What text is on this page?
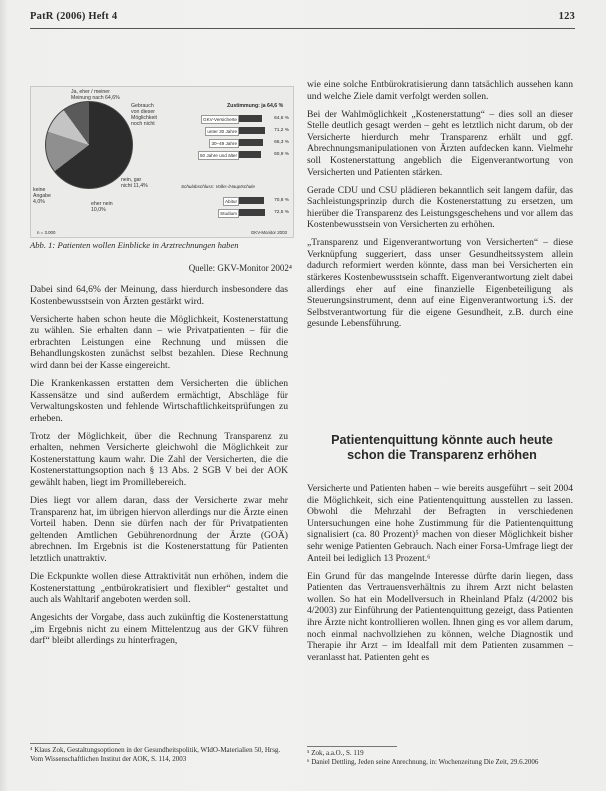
PatR (2006) Heft 4	123
Ja, eher / meiner Meinung nach 64,6%
Gebrauch von dieser Möglichkeit noch nicht
keine Angabe 4,0%	eher nein 10,0%
nein, gar nicht 11,4%
Zustimmung: ja 64,6 %
GKV-Versicherte	64,6 %
unter 30 Jahre	71,2 %
30–49 Jahre	66,3 %
50 Jahre und älter	60,9 %
Abitur	70,8 %
Studium	72,5 %
Schulabschluss: Volks-/Hauptschule
n = 3.000	GKV-Monitor 2003
Abb. 1: Patienten wollen Einblicke in Arztrechnungen haben
Quelle: GKV-Monitor 2002⁴

Dabei sind 64,6% der Meinung, dass hierdurch insbesondere das Kostenbewusstsein von Ärzten gestärkt wird.

Versicherte haben schon heute die Möglichkeit, Kostenerstattung zu wählen. Sie erhalten dann – wie Privatpatienten – für die erbrachten Leistungen eine Rechnung und müssen die Behandlungskosten zunächst selbst bezahlen. Diese Rechnung wird dann bei der Kasse eingereicht.

Die Krankenkassen erstatten dem Versicherten die üblichen Kassensätze und sind außerdem ermächtigt, Abschläge für Verwaltungskosten und fehlende Wirtschaftlichkeitsprüfungen zu erheben.

Trotz der Möglichkeit, über die Rechnung Transparenz zu erhalten, nehmen Versicherte gleichwohl die Möglichkeit zur Kostenerstattung kaum wahr. Die Zahl der Versicherten, die die Kostenerstattungsoption nach § 13 Abs. 2 SGB V bei der AOK gewählt haben, liegt im Promillebereich.

Dies liegt vor allem daran, dass der Versicherte zwar mehr Transparenz hat, im übrigen hiervon allerdings nur die Ärzte einen Vorteil haben. Denn sie dürfen nach der für Privatpatienten geltenden Amtlichen Gebührenordnung der Ärzte (GOÄ) abrechnen. Im Ergebnis ist die Kostenerstattung für Patienten letztlich unattraktiv.

Die Eckpunkte wollen diese Attraktivität nun erhöhen, indem die Kostenerstattung „entbürokratisiert und flexibler“ gestaltet und auch als Wahltarif angeboten werden soll.

Angesichts der Vorgabe, dass auch zukünftig die Kostenerstattung „im Ergebnis nicht zu einem Mittelentzug aus der GKV führen darf“ bleibt allerdings zu hinterfragen,

⁴ Klaus Zok, Gestaltungsoptionen in der Gesundheitspolitik, WIdO-Materialien 50, Hrsg. Vom Wissenschaftlichen Institut der AOK, S. 114, 2003

wie eine solche Entbürokratisierung dann tatsächlich aussehen kann und welche Ziele damit verfolgt werden sollen.

Bei der Wahlmöglichkeit „Kostenerstattung“ – dies soll an dieser Stelle deutlich gesagt werden – geht es letztlich nicht darum, ob der Versicherte hierdurch mehr Transparenz erhält und ggf. Abrechnungsmanipulationen von Ärzten aufdecken kann. Vielmehr soll Kostenerstattung angeblich die Eigenverantwortung von Versicherten und Patienten stärken.

Gerade CDU und CSU plädieren bekanntlich seit langem dafür, das Sachleistungsprinzip durch die Kostenerstattung zu ersetzen, um hierüber die Transparenz des Leistungsgeschehens und vor allem das Kostenbewusstsein von Versicherten zu erhöhen.

„Transparenz und Eigenverantwortung von Versicherten“ – diese Verknüpfung suggeriert, dass unser Gesundheitssystem allein dadurch reformiert werden könnte, dass man bei Versicherten ein stärkeres Kostenbewusstsein schafft. Eigenverantwortung zielt dabei allerdings eher auf eine finanzielle Eigenbeteiligung als Steuerungsinstrument, denn auf eine Eigenverantwortung i.S. der Selbstverantwortung für die eigene Gesundheit, z.B. durch eine gesunde Lebensführung.

Patientenquittung könnte auch heute schon die Transparenz erhöhen

Versicherte und Patienten haben – wie bereits ausgeführt – seit 2004 die Möglichkeit, sich eine Patientenquittung ausstellen zu lassen. Obwohl die Mehrzahl der Befragten in verschiedenen Untersuchungen eine hohe Zustimmung für die Patientenquittung signalisiert (ca. 80 Prozent)⁵ machen von dieser Möglichkeit bisher sehr wenige Patienten Gebrauch. Nach einer Forsa-Umfrage liegt der Anteil bei lediglich 13 Prozent.⁶

Ein Grund für das mangelnde Interesse dürfte darin liegen, dass Patienten das Vertrauensverhältnis zu ihrem Arzt nicht belasten wollen. So hat ein Modellversuch in Rheinland Pfalz (4/2002 bis 4/2003) zur Einführung der Patientenquittung gezeigt, dass Patienten ihre Ärzte nicht kontrollieren wollen. Ihnen ging es vor allem darum, noch einmal nachvollziehen zu können, welche Diagnostik und Therapie ihr Arzt – im Idealfall mit dem Patienten zusammen – veranlasst hat. Patienten geht es

⁵ Zok, a.a.O., S. 119
⁶ Daniel Dettling, Jeden seine Anrechnung, in: Wochenzeitung Die Zeit, 29.6.2006
